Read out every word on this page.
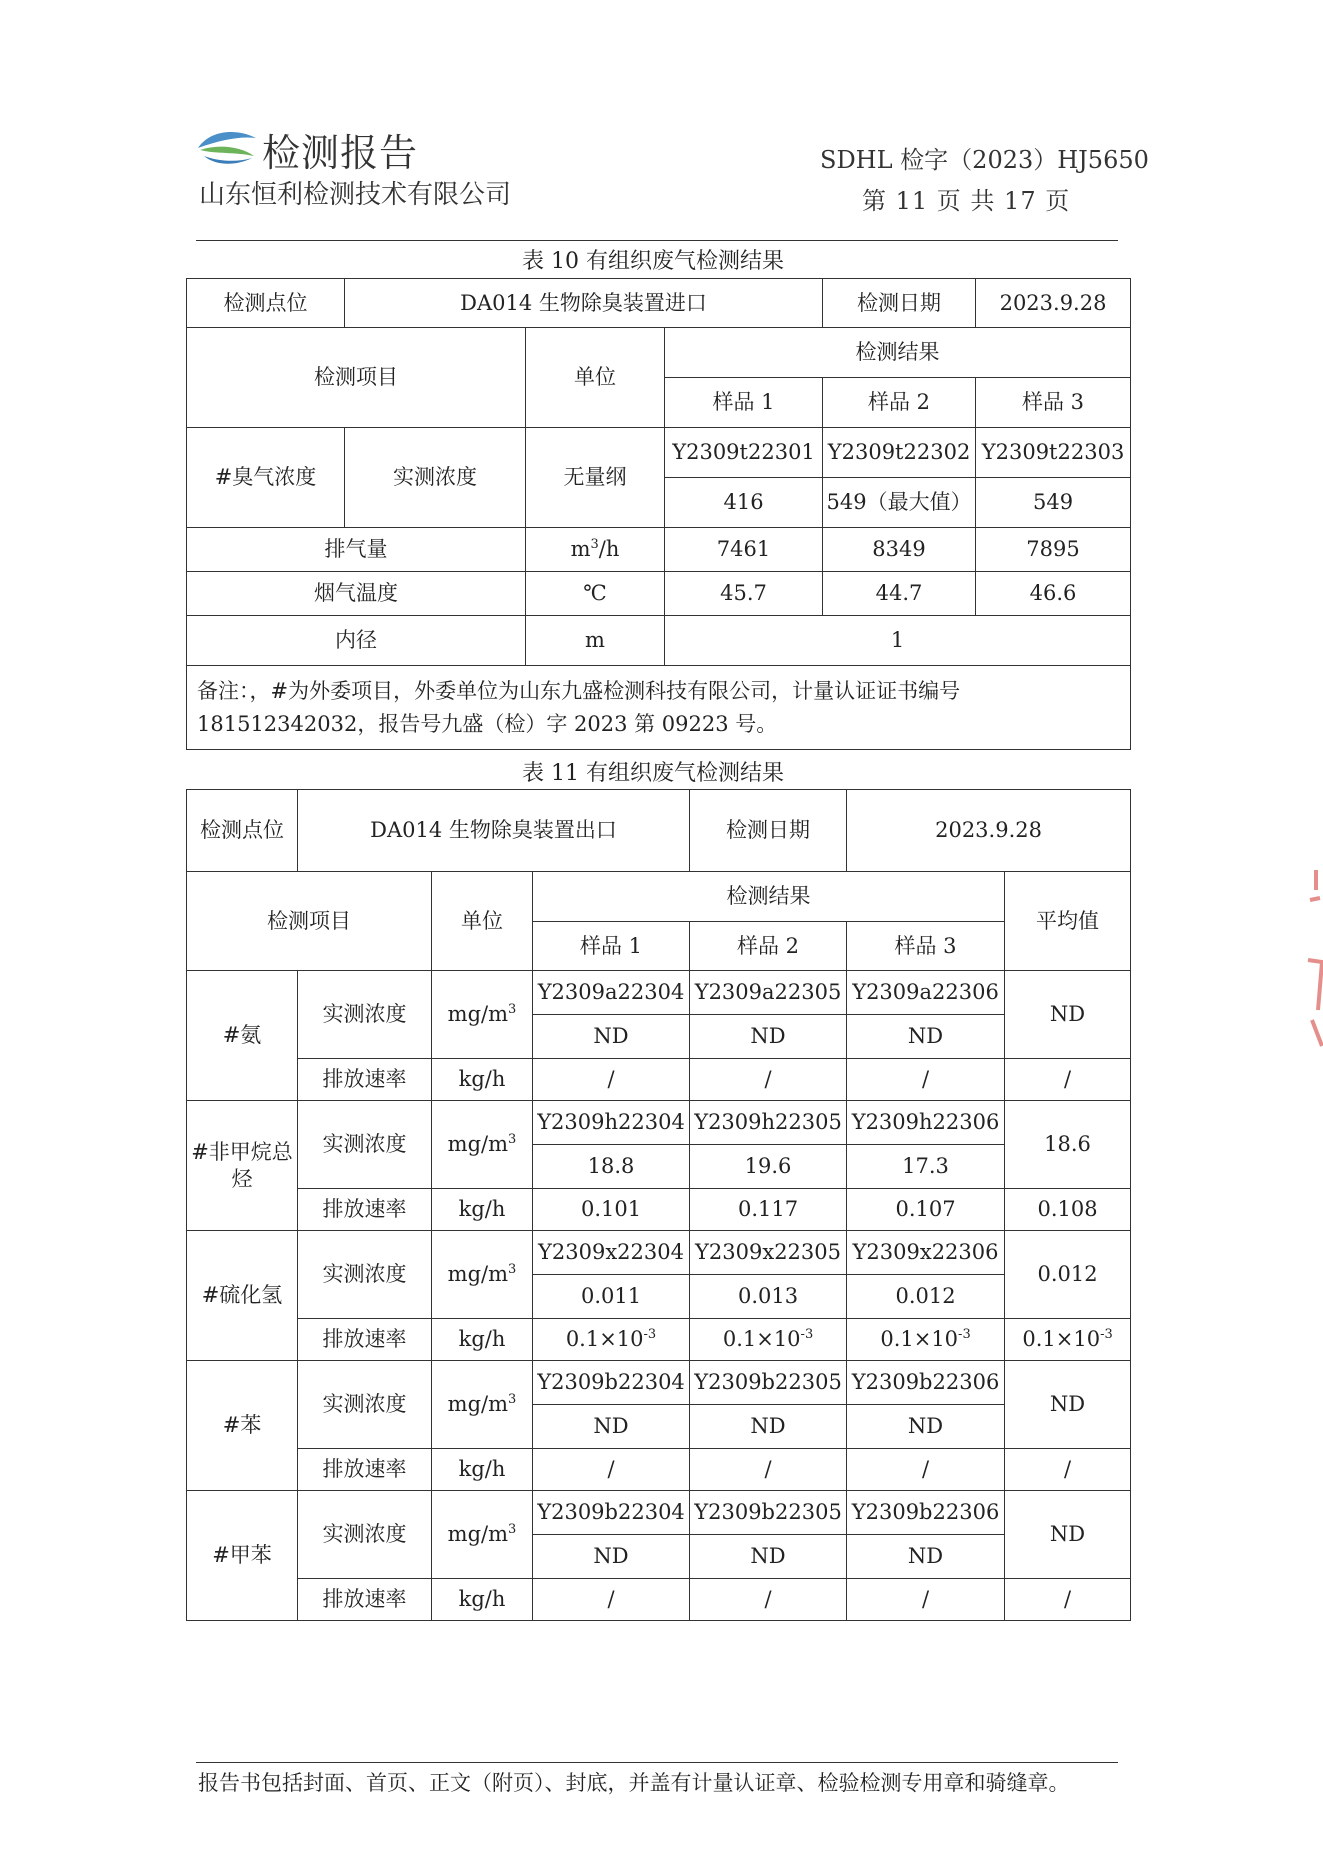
检测报告
山东恒利检测技术有限公司
SDHL 检字（2023）HJ5650
第 11 页 共 17 页
表 10 有组织废气检测结果
检测点位	DA014 生物除臭装置进口			检测日期	2023.9.28
检测项目		单位	检测结果		
			样品 1	样品 2	样品 3
#臭气浓度	实测浓度	无量纲	Y2309t22301	Y2309t22302	Y2309t22303
			416	549（最大值）	549
排气量		$m^3/h$	7461	8349	7895
烟气温度		℃	45.7	44.7	46.6
内径		m	1		
备注：，#为外委项目，外委单位为山东九盛检测科技有限公司，计量认证证书编号181512342032，报告号九盛（检）字 2023 第 09223 号。					
表 11 有组织废气检测结果
检测点位	DA014 生物除臭装置出口			检测日期	2023.9.28	
检测项目		单位	检测结果			平均值
			样品 1	样品 2	样品 3	
#氨	实测浓度	$mg/m^3$	Y2309a22304	Y2309a22305	Y2309a22306	ND
			ND	ND	ND	
	排放速率	kg/h	/	/	/	/
#非甲烷总烃	实测浓度	$mg/m^3$	Y2309h22304	Y2309h22305	Y2309h22306	18.6
			18.8	19.6	17.3	
	排放速率	kg/h	0.101	0.117	0.107	0.108
#硫化氢	实测浓度	$mg/m^3$	Y2309x22304	Y2309x22305	Y2309x22306	0.012
			0.011	0.013	0.012	
	排放速率	kg/h	$0.1\times 10^{-3}$	$0.1\times 10^{-3}$	$0.1\times 10^{-3}$	$0.1\times 10^{-3}$
#苯	实测浓度	$mg/m^3$	Y2309b22304	Y2309b22305	Y2309b22306	ND
			ND	ND	ND	
	排放速率	kg/h	/	/	/	/
#甲苯	实测浓度	$mg/m^3$	Y2309b22304	Y2309b22305	Y2309b22306	ND
			ND	ND	ND	
	排放速率	kg/h	/	/	/	/
报告书包括封面、首页、正文（附页）、封底，并盖有计量认证章、检验检测专用章和骑缝章。
